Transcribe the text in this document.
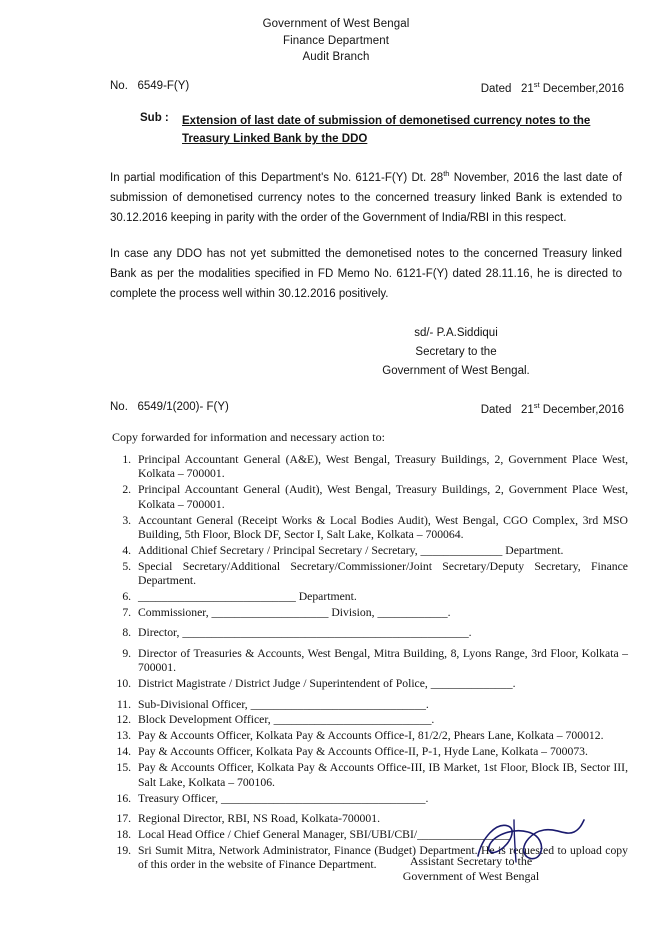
Government of West Bengal
Finance Department
Audit Branch
No.   6549-F(Y)	Dated   21st December,2016
Sub :	Extension of last date of submission of demonetised currency notes to the Treasury Linked Bank by the DDO
In partial modification of this Department's No. 6121-F(Y) Dt. 28th November, 2016 the last date of submission of demonetised currency notes to the concerned treasury linked Bank is extended to 30.12.2016 keeping in parity with the order of the Government of India/RBI in this respect.
In case any DDO has not yet submitted the demonetised notes to the concerned Treasury linked Bank as per the modalities specified in FD Memo No. 6121-F(Y) dated 28.11.16, he is directed to complete the process well within 30.12.2016 positively.
sd/- P.A.Siddiqui
Secretary to the
Government of West Bengal.
No.   6549/1(200)- F(Y)	Dated   21st December,2016
Copy forwarded for information and necessary action to:
1. Principal Accountant General (A&E), West Bengal, Treasury Buildings, 2, Government Place West, Kolkata – 700001.
2. Principal Accountant General (Audit), West Bengal, Treasury Buildings, 2, Government Place West, Kolkata – 700001.
3. Accountant General (Receipt Works & Local Bodies Audit), West Bengal, CGO Complex, 3rd MSO Building, 5th Floor, Block DF, Sector I, Salt Lake, Kolkata – 700064.
4. Additional Chief Secretary / Principal Secretary / Secretary, ______________ Department.
5. Special Secretary/Additional Secretary/Commissioner/Joint Secretary/Deputy Secretary, Finance Department.
6. ___________________________ Department.
7. Commissioner, ____________________ Division, ____________.
8. Director, _________________________________________________.
9. Director of Treasuries & Accounts, West Bengal, Mitra Building, 8, Lyons Range, 3rd Floor, Kolkata – 700001.
10. District Magistrate / District Judge / Superintendent of Police, ______________.
11. Sub-Divisional Officer, ______________________________.
12. Block Development Officer, ___________________________.
13. Pay & Accounts Officer, Kolkata Pay & Accounts Office-I, 81/2/2, Phears Lane, Kolkata – 700012.
14. Pay & Accounts Officer, Kolkata Pay & Accounts Office-II, P-1, Hyde Lane, Kolkata – 700073.
15. Pay & Accounts Officer, Kolkata Pay & Accounts Office-III, IB Market, 1st Floor, Block IB, Sector III, Salt Lake, Kolkata – 700106.
16. Treasury Officer, ___________________________________.
17. Regional Director, RBI, NS Road, Kolkata-700001.
18. Local Head Office / Chief General Manager, SBI/UBI/CBI/________________
19. Sri Sumit Mitra, Network Administrator, Finance (Budget) Department. He is requested to upload copy of this order in the website of Finance Department.	Assistant Secretary to the
Government of West Bengal
